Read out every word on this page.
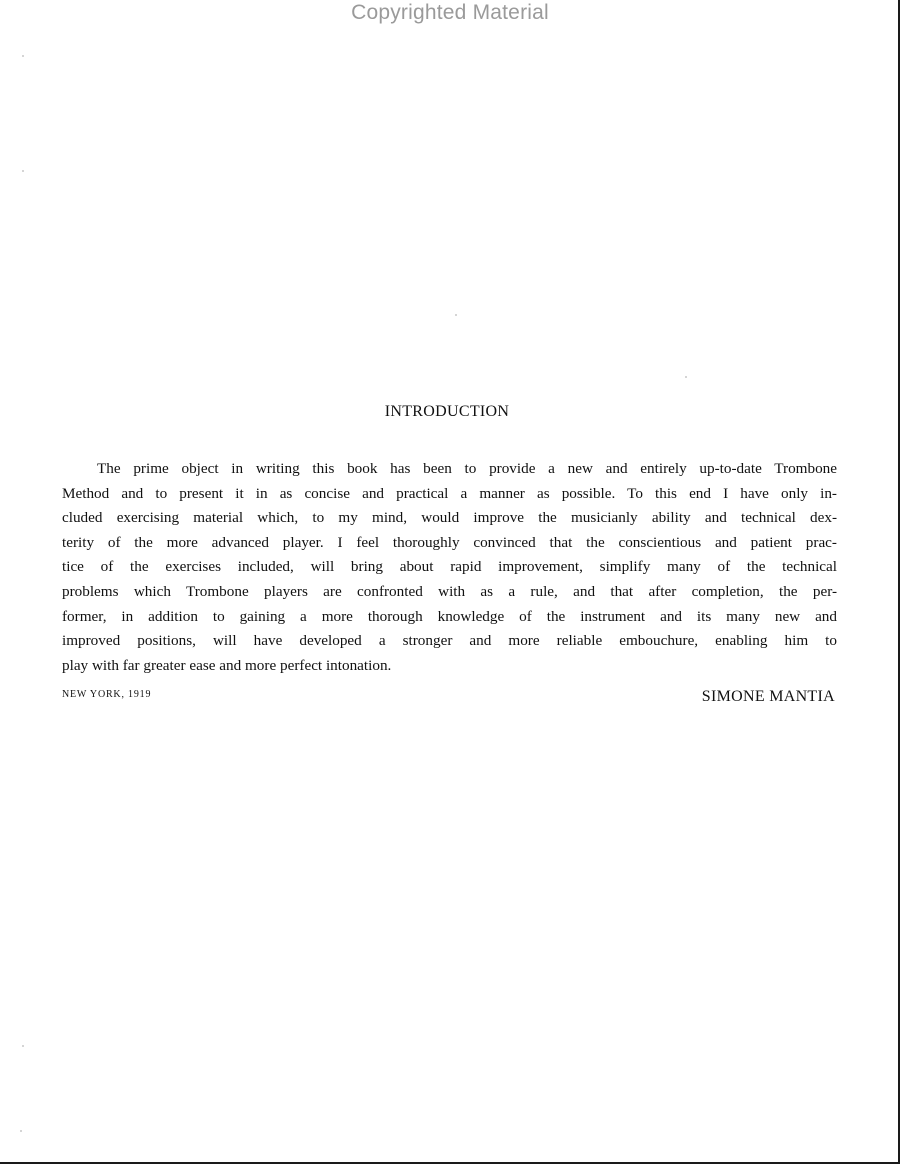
Copyrighted Material
INTRODUCTION

The prime object in writing this book has been to provide a new and entirely up-to-date Trombone
Method and to present it in as concise and practical a manner as possible. To this end I have only in-
cluded exercising material which, to my mind, would improve the musicianly ability and technical dex-
terity of the more advanced player. I feel thoroughly convinced that the conscientious and patient prac-
tice of the exercises included, will bring about rapid improvement, simplify many of the technical
problems which Trombone players are confronted with as a rule, and that after completion, the per-
former, in addition to gaining a more thorough knowledge of the instrument and its many new and
improved positions, will have developed a stronger and more reliable embouchure, enabling him to
play with far greater ease and more perfect intonation.

NEW YORK, 1919	SIMONE MANTIA
